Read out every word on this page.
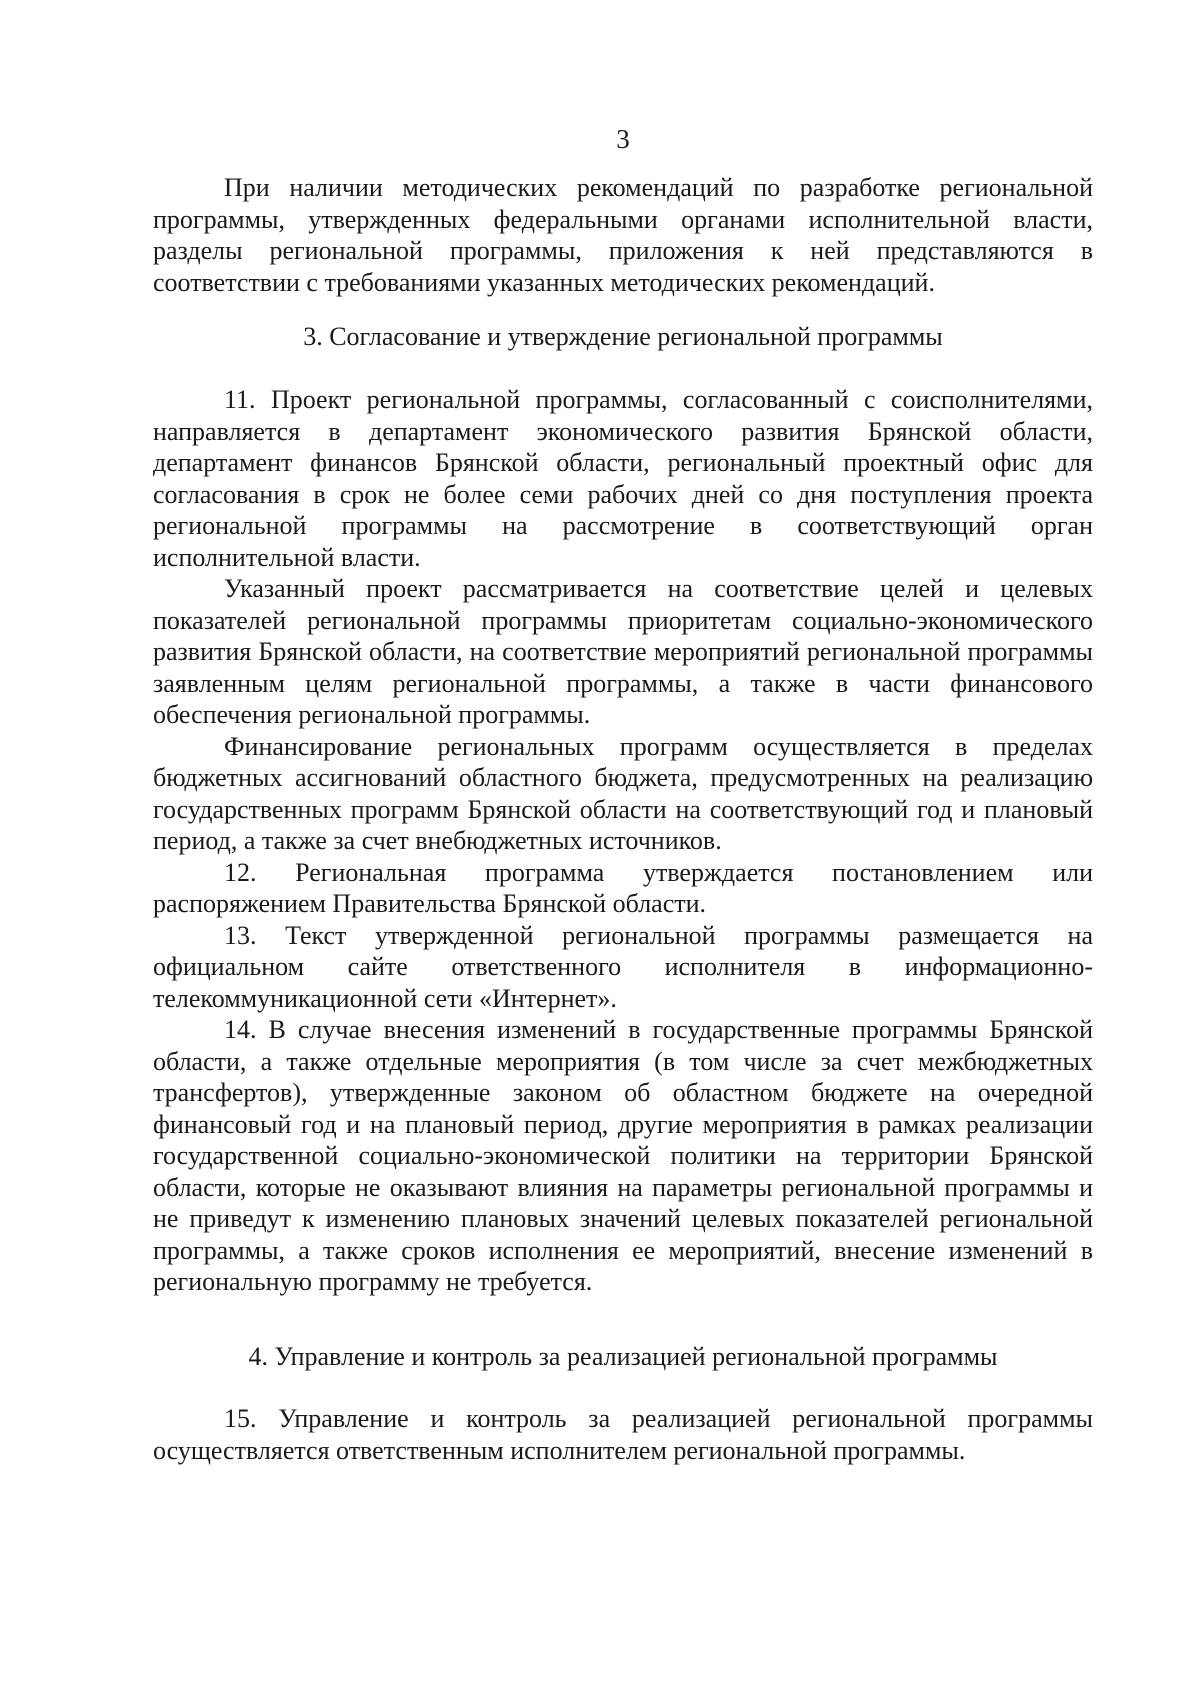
3

При наличии методических рекомендаций по разработке региональной программы, утвержденных федеральными органами исполнительной власти, разделы региональной программы, приложения к ней представляются в соответствии с требованиями указанных методических рекомендаций.

3. Согласование и утверждение региональной программы

11. Проект региональной программы, согласованный с соисполнителями, направляется в департамент экономического развития Брянской области, департамент финансов Брянской области, региональный проектный офис для согласования в срок не более семи рабочих дней со дня поступления проекта региональной программы на рассмотрение в соответствующий орган исполнительной власти.

Указанный проект рассматривается на соответствие целей и целевых показателей региональной программы приоритетам социально-экономического развития Брянской области, на соответствие мероприятий региональной программы заявленным целям региональной программы, а также в части финансового обеспечения региональной программы.

Финансирование региональных программ осуществляется в пределах бюджетных ассигнований областного бюджета, предусмотренных на реализацию государственных программ Брянской области на соответствующий год и плановый период, а также за счет внебюджетных источников.

12. Региональная программа утверждается постановлением или распоряжением Правительства Брянской области.

13. Текст утвержденной региональной программы размещается на официальном сайте ответственного исполнителя в информационно-телекоммуникационной сети «Интернет».

14. В случае внесения изменений в государственные программы Брянской области, а также отдельные мероприятия (в том числе за счет межбюджетных трансфертов), утвержденные законом об областном бюджете на очередной финансовый год и на плановый период, другие мероприятия в рамках реализации государственной социально-экономической политики на территории Брянской области, которые не оказывают влияния на параметры региональной программы и не приведут к изменению плановых значений целевых показателей региональной программы, а также сроков исполнения ее мероприятий, внесение изменений в региональную программу не требуется.

4. Управление и контроль за реализацией региональной программы

15. Управление и контроль за реализацией региональной программы осуществляется ответственным исполнителем региональной программы.
